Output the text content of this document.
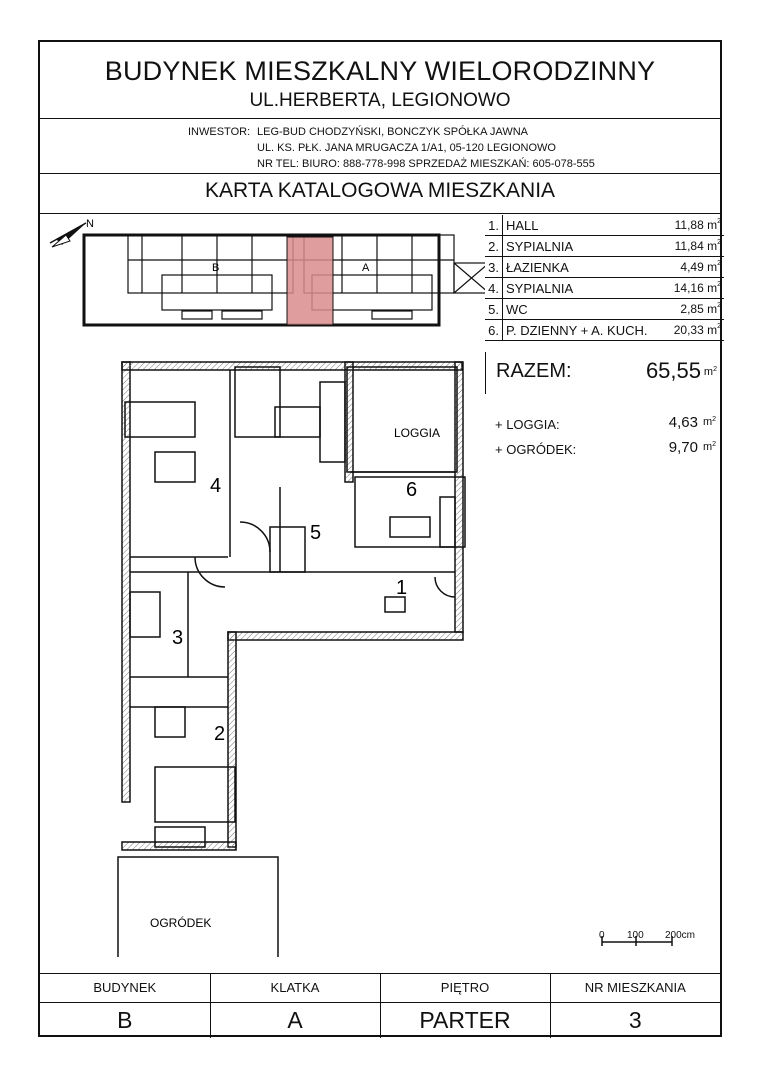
BUDYNEK MIESZKALNY WIELORODZINNY
UL.HERBERTA, LEGIONOWO
INWESTOR: LEG-BUD CHODZYŃSKI, BONCZYK SPÓŁKA JAWNA
UL. KS. PŁK. JANA MRUGACZA 1/A1, 05-120 LEGIONOWO
NR TEL: BIURO: 888-778-998 SPRZEDAŻ MIESZKAŃ: 605-078-555
KARTA KATALOGOWA MIESZKANIA
N
B	A
1.	HALL	11,88 $m^2$
2.	SYPIALNIA	11,84 $m^2$
3.	ŁAZIENKA	4,49 $m^2$
4.	SYPIALNIA	14,16 $m^2$
5.	WC	2,85 $m^2$
6.	P. DZIENNY + A. KUCH.	20,33 $m^2$
RAZEM:	65,55 $m^2$
+ LOGGIA:	4,63 $m^2$
+ OGRÓDEK:	9,70 $m^2$
LOGGIA
OGRÓDEK
1
2
3
4
5
6
0 100 200cm
BUDYNEK	KLATKA	PIĘTRO	NR MIESZKANIA
B	A	PARTER	3
